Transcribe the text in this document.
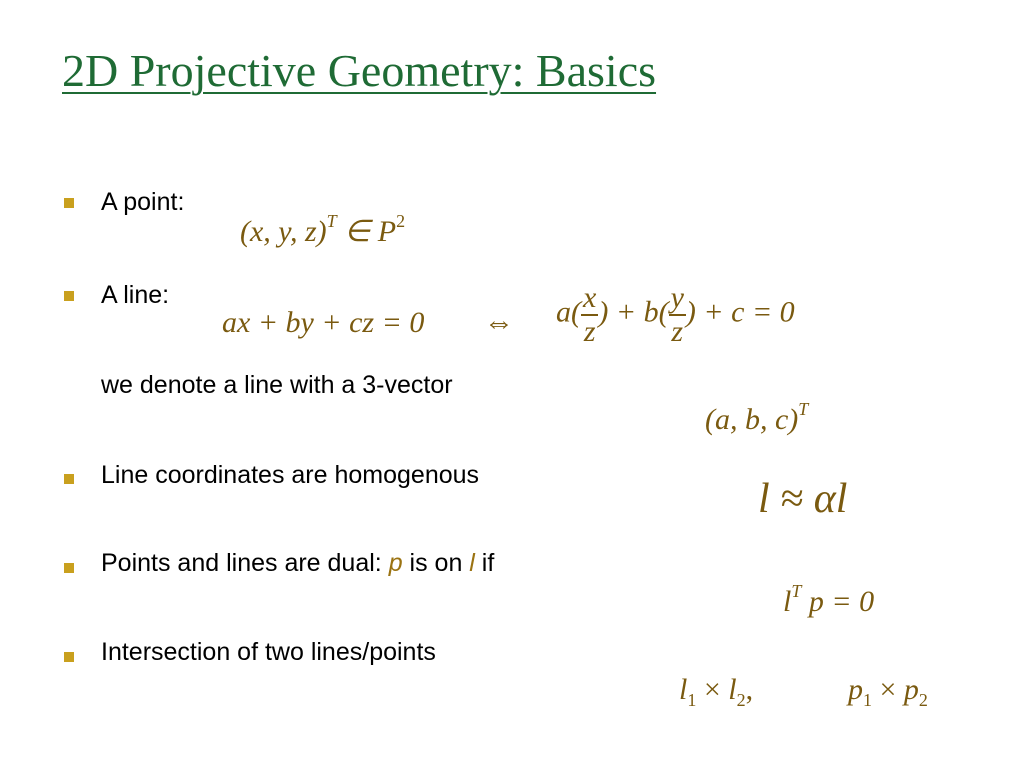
2D Projective Geometry: Basics
A point:
(x, y, z)$^T$ ∈ $P^2$
A line:
ax + by + cz = 0 ⇔ $a( \frac{x}{z}$ ) + $b( \frac{y}{z}$ ) + c = 0
we denote a line with a 3-vector
(a, b, c)$^T$
Line coordinates are homogenous
l ≈ αl
Points and lines are dual: p is on l if
$l^T$ p = 0
Intersection of two lines/points
$l_1 \times l_2$,	$p_1 \times p_2$
